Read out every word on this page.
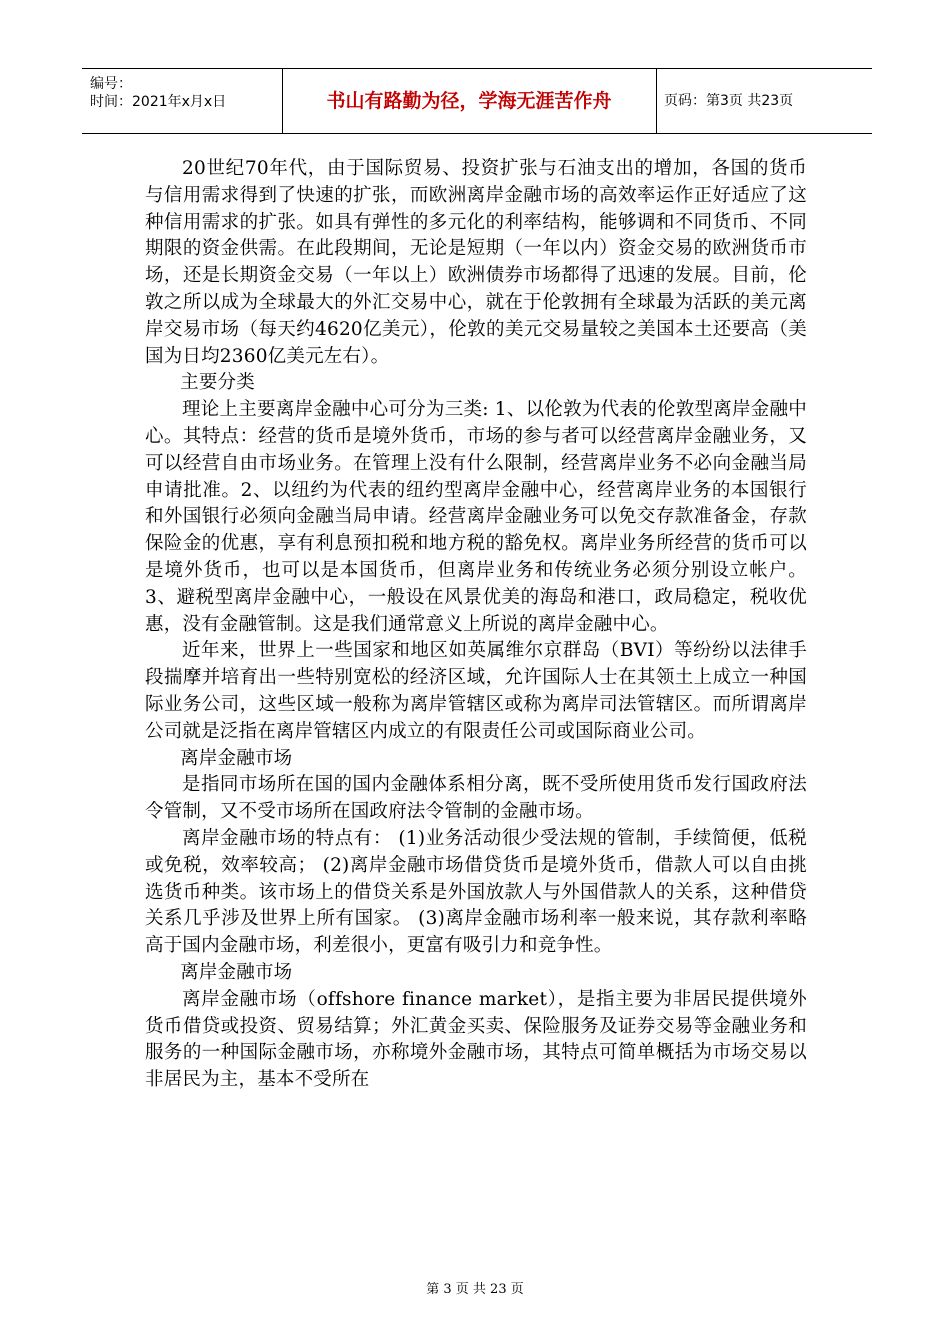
编号：
时间：2021年x月x日	书山有路勤为径，学海无涯苦作舟	页码：第3页 共23页

20世纪70年代，由于国际贸易、投资扩张与石油支出的增加，各国的货币与信用需求得到了快速的扩张，而欧洲离岸金融市场的高效率运作正好适应了这种信用需求的扩张。如具有弹性的多元化的利率结构，能够调和不同货币、不同期限的资金供需。在此段期间，无论是短期（一年以内）资金交易的欧洲货币市场，还是长期资金交易（一年以上）欧洲债券市场都得了迅速的发展。目前，伦敦之所以成为全球最大的外汇交易中心，就在于伦敦拥有全球最为活跃的美元离岸交易市场（每天约4620亿美元），伦敦的美元交易量较之美国本土还要高（美国为日均2360亿美元左右）。

主要分类

理论上主要离岸金融中心可分为三类: 1、以伦敦为代表的伦敦型离岸金融中心。其特点：经营的货币是境外货币，市场的参与者可以经营离岸金融业务，又可以经营自由市场业务。在管理上没有什么限制，经营离岸业务不必向金融当局申请批准。2、以纽约为代表的纽约型离岸金融中心，经营离岸业务的本国银行和外国银行必须向金融当局申请。经营离岸金融业务可以免交存款准备金，存款保险金的优惠，享有利息预扣税和地方税的豁免权。离岸业务所经营的货币可以是境外货币，也可以是本国货币，但离岸业务和传统业务必须分别设立帐户。3、避税型离岸金融中心，一般设在风景优美的海岛和港口，政局稳定，税收优惠，没有金融管制。这是我们通常意义上所说的离岸金融中心。

近年来，世界上一些国家和地区如英属维尔京群岛（BVI）等纷纷以法律手段揣摩并培育出一些特别宽松的经济区域，允许国际人士在其领土上成立一种国际业务公司，这些区域一般称为离岸管辖区或称为离岸司法管辖区。而所谓离岸公司就是泛指在离岸管辖区内成立的有限责任公司或国际商业公司。

离岸金融市场

是指同市场所在国的国内金融体系相分离，既不受所使用货币发行国政府法令管制，又不受市场所在国政府法令管制的金融市场。

离岸金融市场的特点有： (1)业务活动很少受法规的管制，手续简便，低税或免税，效率较高； (2)离岸金融市场借贷货币是境外货币，借款人可以自由挑选货币种类。该市场上的借贷关系是外国放款人与外国借款人的关系，这种借贷关系几乎涉及世界上所有国家。 (3)离岸金融市场利率一般来说，其存款利率略高于国内金融市场，利差很小，更富有吸引力和竞争性。

离岸金融市场

离岸金融市场（offshore finance market），是指主要为非居民提供境外货币借贷或投资、贸易结算；外汇黄金买卖、保险服务及证券交易等金融业务和服务的一种国际金融市场，亦称境外金融市场，其特点可简单概括为市场交易以非居民为主，基本不受所在

第 3 页 共 23 页
